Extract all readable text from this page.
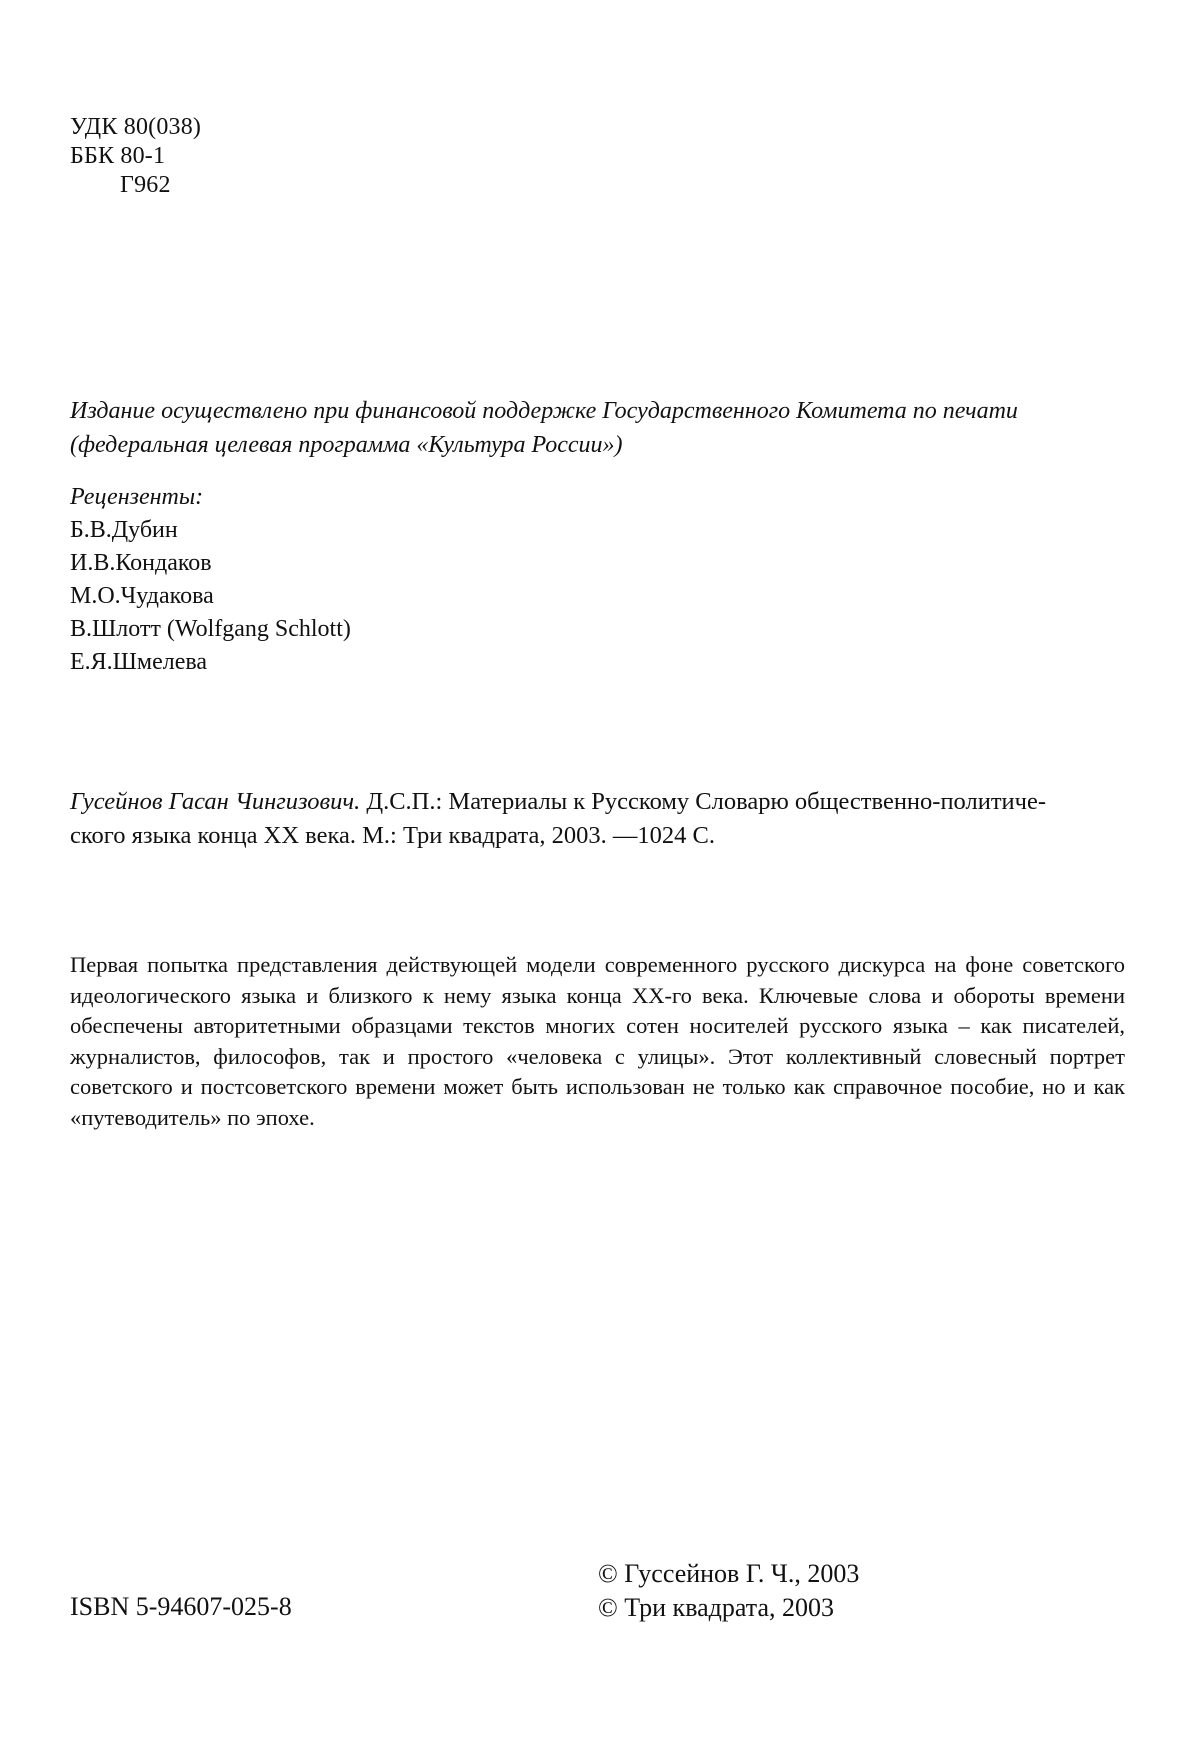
УДК 80(038)
ББК 80-1
Г962
Издание осуществлено при финансовой поддержке Государственного Комитета по печати
(федеральная целевая программа «Культура России»)
Рецензенты:
Б.В.Дубин
И.В.Кондаков
М.О.Чудакова
В.Шлотт (Wolfgang Schlott)
Е.Я.Шмелева
Гусейнов Гасан Чингизович. Д.С.П.: Материалы к Русскому Словарю общественно-политиче-
ского языка конца XX века. М.: Три квадрата, 2003. —1024 С.
Первая попытка представления действующей модели современного русского дискурса на фоне советского идеологического языка и близкого к нему языка конца XX-го века. Ключевые слова и обороты времени обеспечены авторитетными образцами текстов многих сотен носителей русского языка – как писателей, журналистов, философов, так и простого «человека с улицы». Этот коллективный словесный портрет советского и постсоветского времени может быть использован не только как справочное пособие, но и как «путеводитель» по эпохе.
ISBN 5-94607-025-8
© Гуссейнов Г. Ч., 2003
© Три квадрата, 2003
